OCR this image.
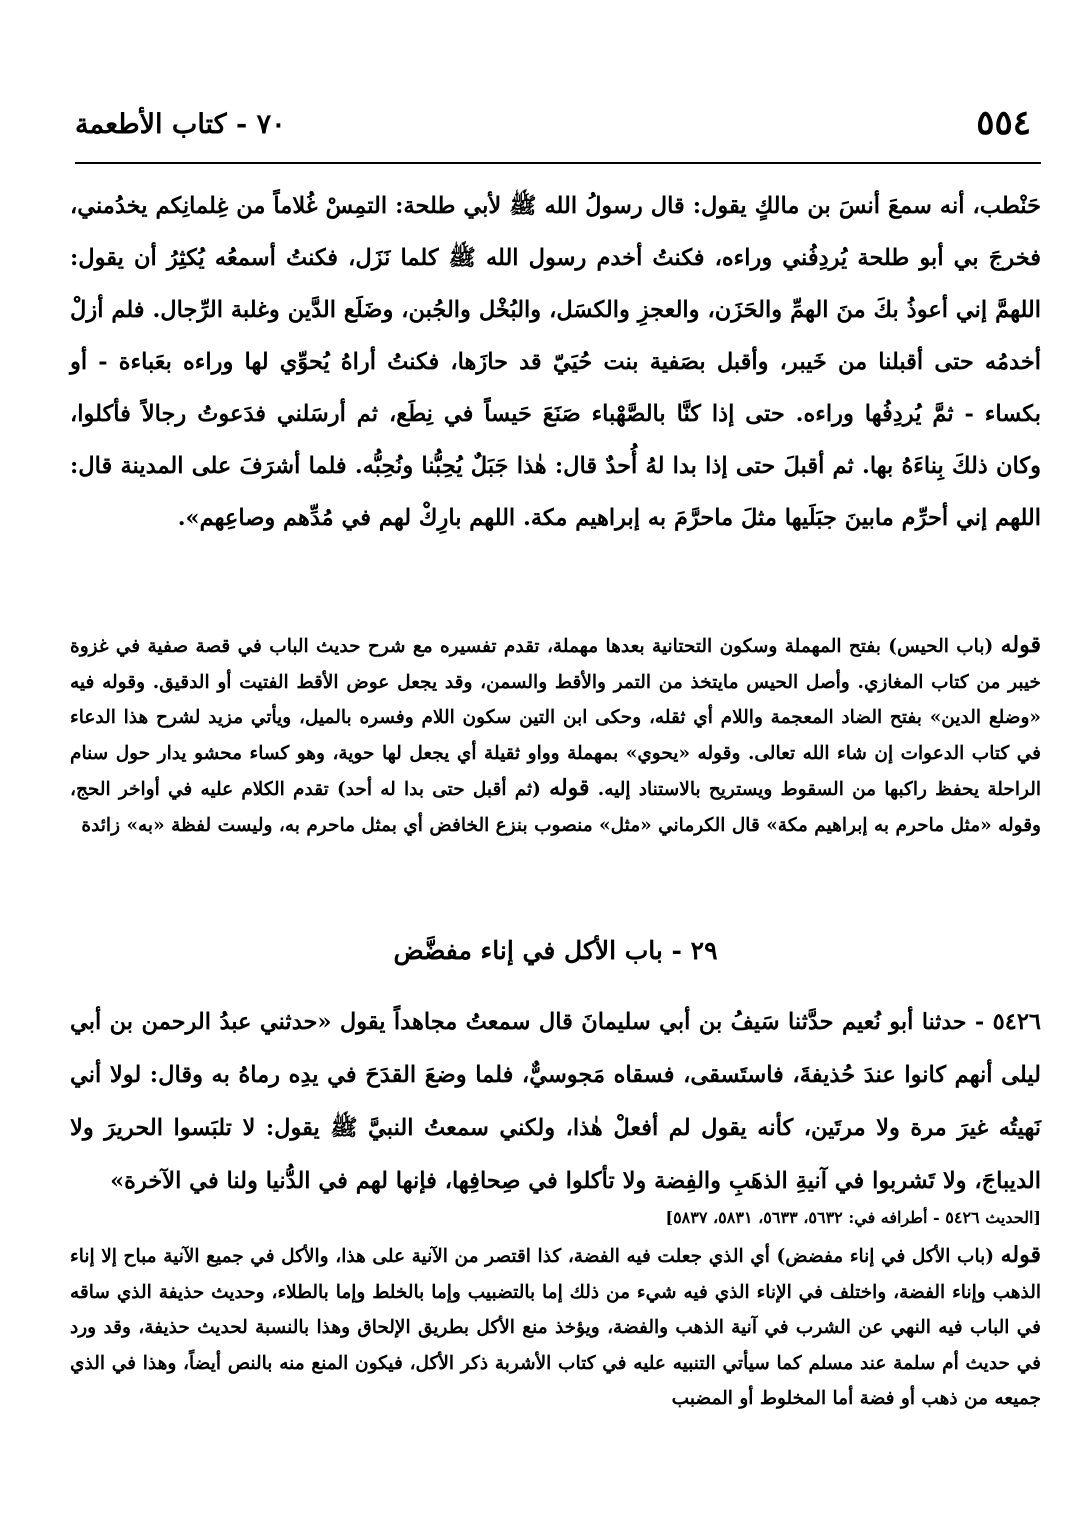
٥٥٤
٧٠ - كتاب الأطعمة
حَنْطب، أنه سمعَ أنسَ بن مالكٍ يقول: قال رسولُ الله ﷺ لأبي طلحة: التمِسْ غُلاماً من غِلمانِكم يخدُمني، فخرجَ بي أبو طلحة يُردِفُني وراءه، فكنتُ أخدم رسول الله ﷺ كلما نَزَل، فكنتُ أسمعُه يُكثِرُ أن يقول: اللهمَّ إني أعوذُ بكَ منَ الهمِّ والحَزَن، والعجزِ والكسَل، والبُخْل والجُبن، وضَلَع الدَّين وغلبة الرِّجال. فلم أزلْ أخدمُه حتى أقبلنا من خَيبر، وأقبل بصَفية بنت حُيَيّ قد حازَها، فكنتُ أراهُ يُحوِّي لها وراءه بعَباءة - أو بكساء - ثمَّ يُردِفُها وراءه. حتى إذا كنَّا بالصَّهْباء صَنَعَ حَيساً في نِطَع، ثم أرسَلني فدَعوتُ رجالاً فأكلوا، وكان ذلكَ بِناءَهُ بها. ثم أقبلَ حتى إذا بدا لهُ أُحدٌ قال: هٰذا جَبَلٌ يُحِبُّنا ونُحِبُّه. فلما أشرَفَ على المدينة قال: اللهم إني أحرِّم مابينَ جبَلَيها مثلَ ماحرَّمَ به إبراهيم مكة. اللهم بارِكْ لهم في مُدِّهم وصاعِهم».
قوله (باب الحيس) بفتح المهملة وسكون التحتانية بعدها مهملة، تقدم تفسيره مع شرح حديث الباب في قصة صفية في غزوة خيبر من كتاب المغازي. وأصل الحيس مايتخذ من التمر والأقط والسمن، وقد يجعل عوض الأقط الفتيت أو الدقيق. وقوله فيه «وضلع الدين» بفتح الضاد المعجمة واللام أي ثقله، وحكى ابن التين سكون اللام وفسره بالميل، ويأتي مزيد لشرح هذا الدعاء في كتاب الدعوات إن شاء الله تعالى. وقوله «يحوي» بمهملة وواو ثقيلة أي يجعل لها حوية، وهو كساء محشو يدار حول سنام الراحلة يحفظ راكبها من السقوط ويستريح بالاستناد إليه. قوله (ثم أقبل حتى بدا له أحد) تقدم الكلام عليه في أواخر الحج، وقوله «مثل ماحرم به إبراهيم مكة» قال الكرماني «مثل» منصوب بنزع الخافض أي بمثل ماحرم به، وليست لفظة «به» زائدة
٢٩ - باب الأكل في إناء مفضَّض
٥٤٢٦ - حدثنا أبو نُعيم حدَّثنا سَيفُ بن أبي سليمانَ قال سمعتُ مجاهداً يقول «حدثني عبدُ الرحمن بن أبي ليلى أنهم كانوا عندَ حُذيفةَ، فاستَسقى، فسقاه مَجوسيٌّ، فلما وضعَ القدَحَ في يدِه رماهُ به وقال: لولا أني نَهيتُه غيرَ مرة ولا مرتَين، كأنه يقول لم أفعلْ هٰذا، ولكني سمعتُ النبيَّ ﷺ يقول: لا تلبَسوا الحريرَ ولا الديباجَ، ولا تَشربوا في آنيةِ الذهَبِ والفِضة ولا تأكلوا في صِحافِها، فإنها لهم في الدُّنيا ولنا في الآخرة»
[الحديث ٥٤٢٦ - أطرافه في: ٥٦٣٢، ٥٦٣٣، ٥٨٣١، ٥٨٣٧]
قوله (باب الأكل في إناء مفضض) أي الذي جعلت فيه الفضة، كذا اقتصر من الآنية على هذا، والأكل في جميع الآنية مباح إلا إناء الذهب وإناء الفضة، واختلف في الإناء الذي فيه شيء من ذلك إما بالتضبيب وإما بالخلط وإما بالطلاء، وحديث حذيفة الذي ساقه في الباب فيه النهي عن الشرب في آنية الذهب والفضة، ويؤخذ منع الأكل بطريق الإلحاق وهذا بالنسبة لحديث حذيفة، وقد ورد في حديث أم سلمة عند مسلم كما سيأتي التنبيه عليه في كتاب الأشربة ذكر الأكل، فيكون المنع منه بالنص أيضاً، وهذا في الذي جميعه من ذهب أو فضة أما المخلوط أو المضبب
